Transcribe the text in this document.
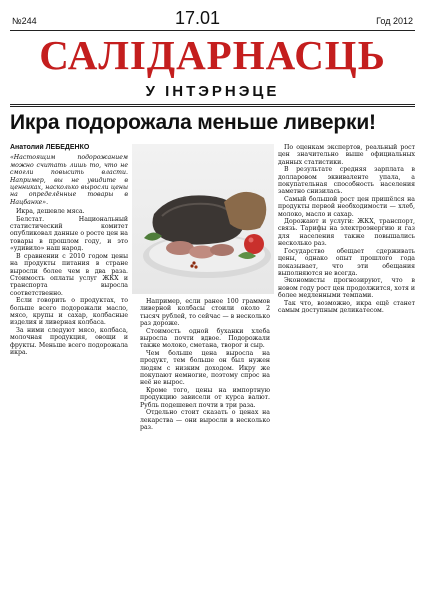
№244	17.01	Год 2012
САЛІДАРНАСЦЬ
У ІНТЭРНЭЦЕ
Икра подорожала меньше ливерки!
Анатолий ЛЕБЕДЕНКО

«Настоящим подорожанием можно считать лишь то, что не смогли повысить власти. Например, вы не увидите в ценниках, насколько выросли цены на определённые товары в Нацбанке».

Икра, дешевле мяса.

Белстат. Национальный статистический комитет опубликовал данные о росте цен на товары в прошлом году, и это «удивило» наш народ.

В сравнении с 2010 годом цены на продукты питания в стране выросли более чем в два раза. Стоимость оплаты услуг ЖКХ и транспорта выросла соответственно.

Если говорить о продуктах, то больше всего подорожали масло, мясо, крупы и сахар, колбасные изделия и ливерная колбаса.

За ними следуют мясо, колбаса, молочная продукция, овощи и фрукты. Меньше всего подорожала икра.

Например, если ранее 100 граммов ливерной колбасы стоили около 2 тысяч рублей, то сейчас — в несколько раз дороже.

Стоимость одной буханки хлеба выросла почти вдвое. Подорожали также молоко, сметана, творог и сыр.

Чем больше цена выросла на продукт, тем больше он был нужен людям с низким доходом. Икру же покупают немногие, поэтому спрос на неё не вырос.

Кроме того, цены на импортную продукцию зависели от курса валют. Рубль подешевел почти в три раза.

Отдельно стоит сказать о ценах на лекарства — они выросли в несколько раз.

По оценкам экспертов, реальный рост цен значительно выше официальных данных статистики.

В результате средняя зарплата в долларовом эквиваленте упала, а покупательная способность населения заметно снизилась.

Самый большой рост цен пришёлся на продукты первой необходимости — хлеб, молоко, масло и сахар.

Дорожают и услуги: ЖКХ, транспорт, связь. Тарифы на электроэнергию и газ для населения также повышались несколько раз.

Государство обещает сдерживать цены, однако опыт прошлого года показывает, что эти обещания выполняются не всегда.

Экономисты прогнозируют, что в новом году рост цен продолжится, хотя и более медленными темпами.

Так что, возможно, икра ещё станет самым доступным деликатесом.
